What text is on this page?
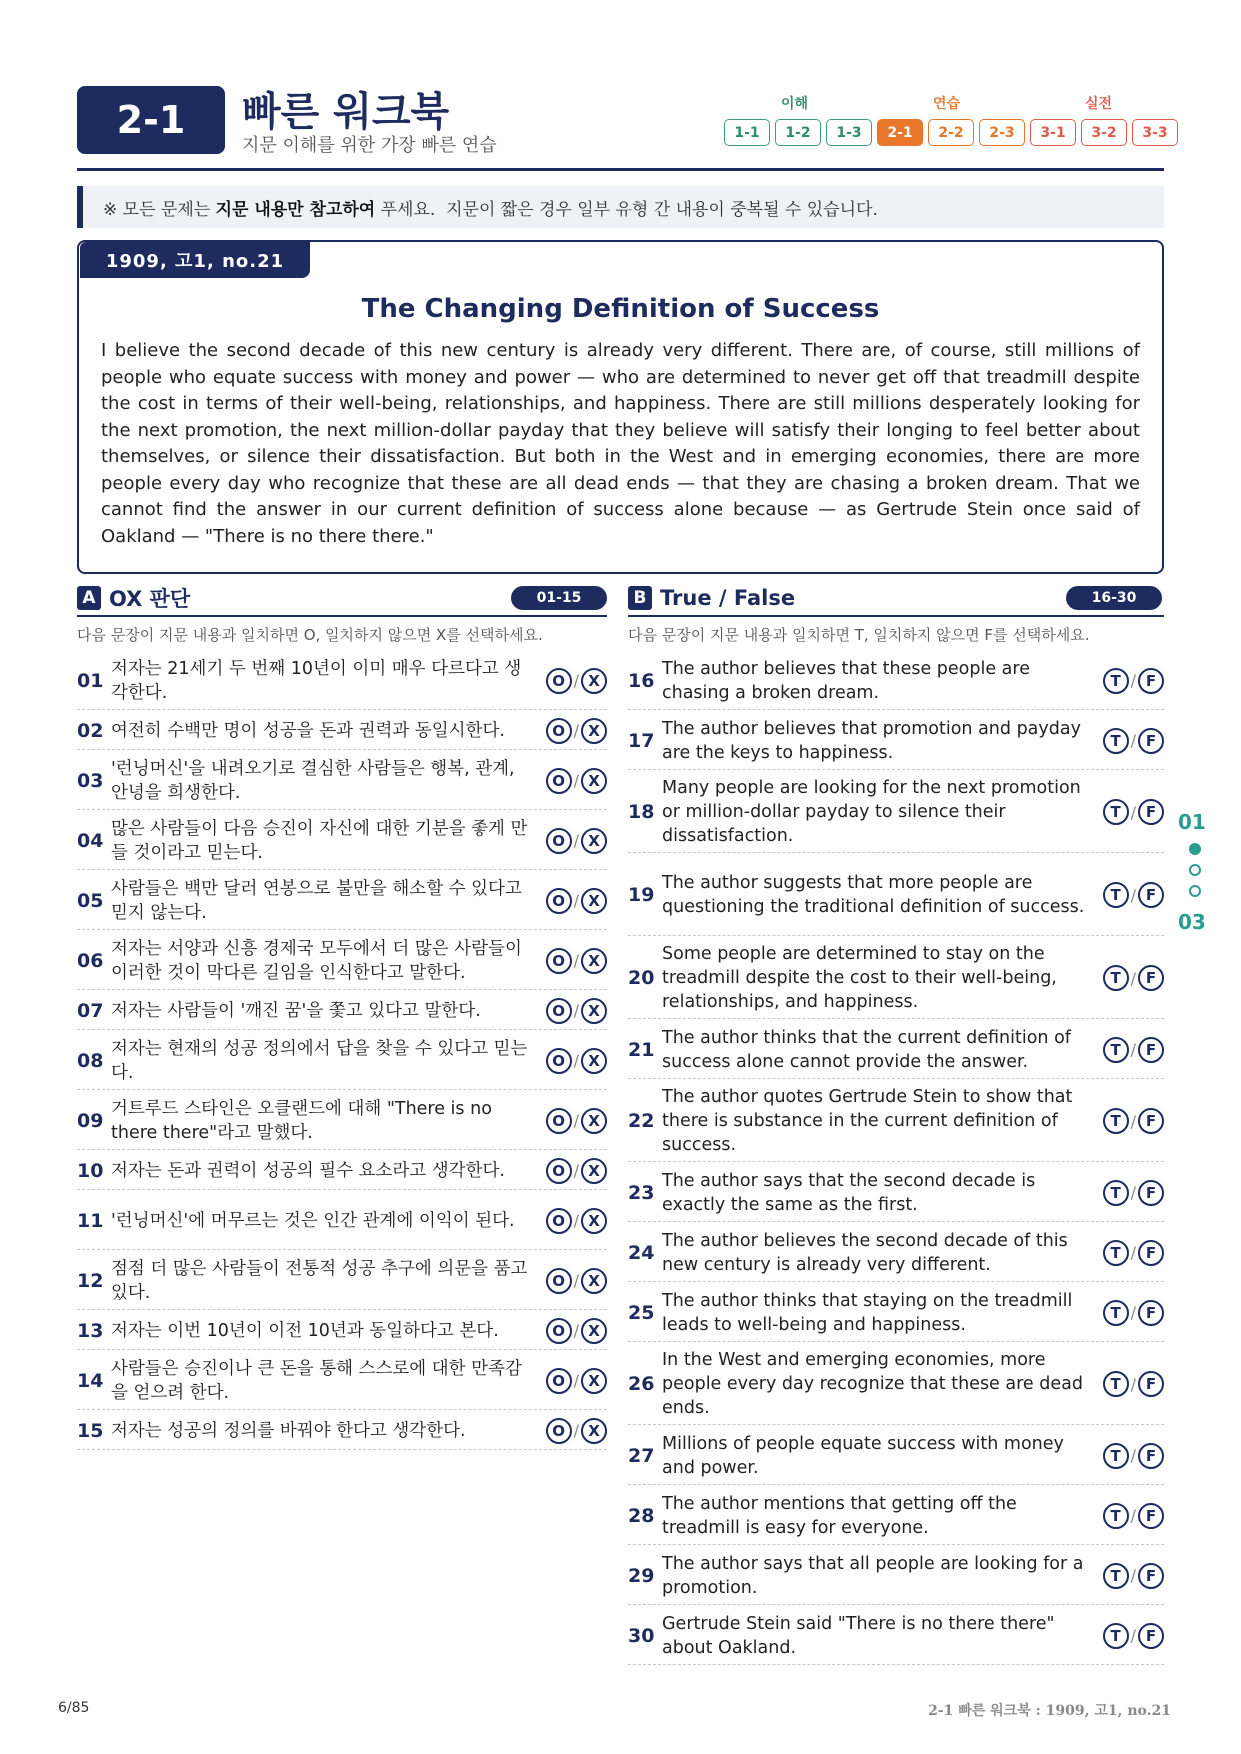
2-1	빠른 워크북
지문 이해를 위한 가장 빠른 연습
이해	연습	실전
1-1	1-2	1-3	2-1	2-2	2-3	3-1	3-2	3-3
※ 모든 문제는 지문 내용만 참고하여 푸세요.  지문이 짧은 경우 일부 유형 간 내용이 중복될 수 있습니다.
1909, 고1, no.21
The Changing Definition of Success
I believe the second decade of this new century is already very different. There are, of course, still millions of people who equate success with money and power — who are determined to never get off that treadmill despite the cost in terms of their well-being, relationships, and happiness. There are still millions desperately looking for the next promotion, the next million-dollar payday that they believe will satisfy their longing to feel better about themselves, or silence their dissatisfaction. But both in the West and in emerging economies, there are more people every day who recognize that these are all dead ends — that they are chasing a broken dream. That we cannot find the answer in our current definition of success alone because — as Gertrude Stein once said of Oakland — "There is no there there."
A OX 판단	01-15
다음 문장이 지문 내용과 일치하면 O, 일치하지 않으면 X를 선택하세요.
B True / False	16-30
다음 문장이 지문 내용과 일치하면 T, 일치하지 않으면 F를 선택하세요.
01
저자는 21세기 두 번째 10년이 이미 매우 다르다고 생각한다.
O / X
02 여전히 수백만 명이 성공을 돈과 권력과 동일시한다.	O / X
03
'런닝머신'을 내려오기로 결심한 사람들은 행복, 관계, 안녕을 희생한다.
O / X
04
많은 사람들이 다음 승진이 자신에 대한 기분을 좋게 만들 것이라고 믿는다.
O / X
05
사람들은 백만 달러 연봉으로 불만을 해소할 수 있다고 믿지 않는다.
O / X
06
저자는 서양과 신흥 경제국 모두에서 더 많은 사람들이 이러한 것이 막다른 길임을 인식한다고 말한다.
O / X
07 저자는 사람들이 '깨진 꿈'을 쫓고 있다고 말한다.	O / X
08
저자는 현재의 성공 정의에서 답을 찾을 수 있다고 믿는다.
O / X
09
거트루드 스타인은 오클랜드에 대해 "There is no there there"라고 말했다.
O / X
10 저자는 돈과 권력이 성공의 필수 요소라고 생각한다.	O / X
11 '런닝머신'에 머무르는 것은 인간 관계에 이익이 된다.	O / X
12
점점 더 많은 사람들이 전통적 성공 추구에 의문을 품고 있다.
O / X
13 저자는 이번 10년이 이전 10년과 동일하다고 본다.	O / X
14
사람들은 승진이나 큰 돈을 통해 스스로에 대한 만족감을 얻으려 한다.
O / X
15 저자는 성공의 정의를 바꿔야 한다고 생각한다.	O / X
16
The author believes that these people are chasing a broken dream.
T / F
17
The author believes that promotion and payday are the keys to happiness.
T / F
18
Many people are looking for the next promotion or million-dollar payday to silence their dissatisfaction.
T / F
19
The author suggests that more people are questioning the traditional definition of success.
T / F
20
Some people are determined to stay on the treadmill despite the cost to their well-being, relationships, and happiness.
T / F
21
The author thinks that the current definition of success alone cannot provide the answer.
T / F
22
The author quotes Gertrude Stein to show that there is substance in the current definition of success.
T / F
23
The author says that the second decade is exactly the same as the first.
T / F
24
The author believes the second decade of this new century is already very different.
T / F
25
The author thinks that staying on the treadmill leads to well-being and happiness.
T / F
26
In the West and emerging economies, more people every day recognize that these are dead ends.
T / F
27
Millions of people equate success with money and power.
T / F
28
The author mentions that getting off the treadmill is easy for everyone.
T / F
29
The author says that all people are looking for a promotion.
T / F
30
Gertrude Stein said "There is no there there" about Oakland.
T / F
01
03
6/85	2-1 빠른 워크북 : 1909, 고1, no.21
